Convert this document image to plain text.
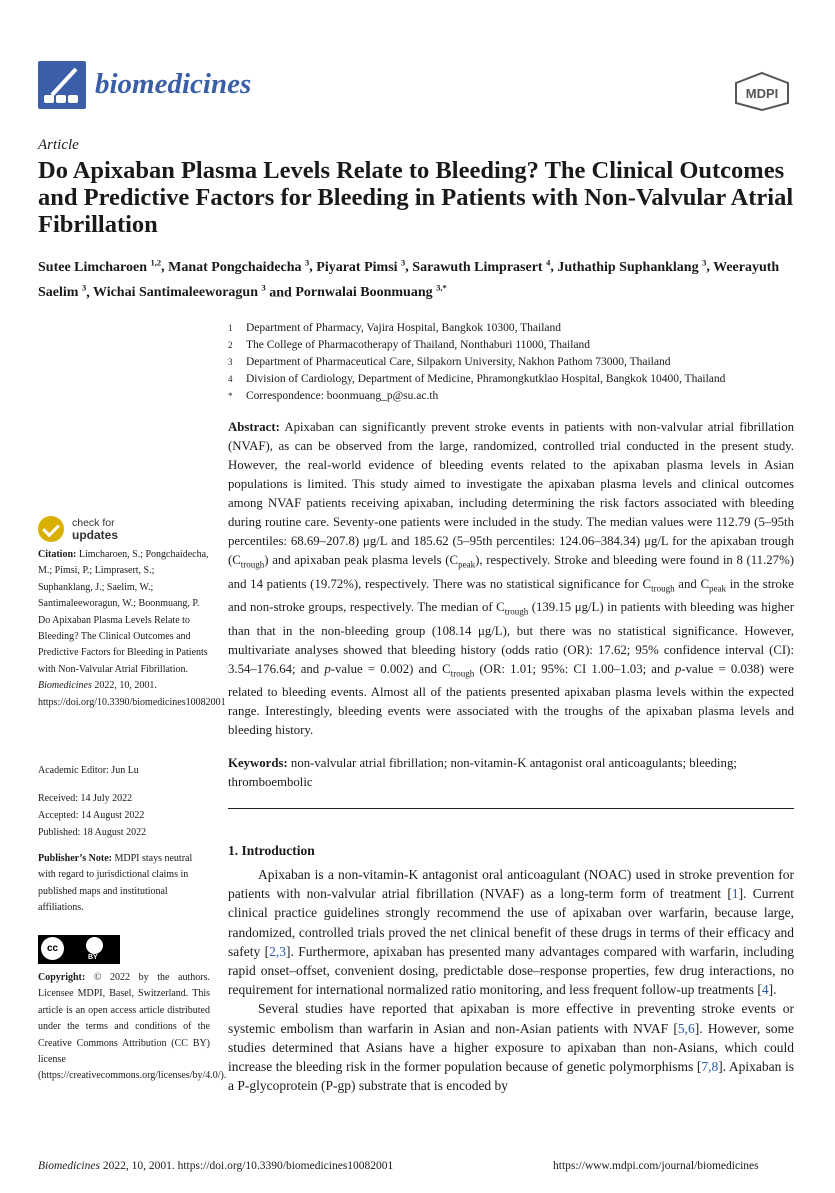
biomedicines	MDPI
Article
Do Apixaban Plasma Levels Relate to Bleeding? The Clinical Outcomes and Predictive Factors for Bleeding in Patients with Non-Valvular Atrial Fibrillation
Sutee Limcharoen $^{1,2}$, Manat Pongchaidecha $^3$, Piyarat Pimsi $^3$, Sarawuth Limprasert $^4$, Juthathip Suphanklang $^3$, Weerayuth Saelim $^3$, Wichai Santimaleeworagun $^3$ and Pornwalai Boonmuang $^{3,*}$
1	Department of Pharmacy, Vajira Hospital, Bangkok 10300, Thailand
2	The College of Pharmacotherapy of Thailand, Nonthaburi 11000, Thailand
3	Department of Pharmaceutical Care, Silpakorn University, Nakhon Pathom 73000, Thailand
4	Division of Cardiology, Department of Medicine, Phramongkutklao Hospital, Bangkok 10400, Thailand
*	Correspondence: boonmuang_p@su.ac.th
Abstract: Apixaban can significantly prevent stroke events in patients with non-valvular atrial fibrillation (NVAF), as can be observed from the large, randomized, controlled trial conducted in the present study. However, the real-world evidence of bleeding events related to the apixaban plasma levels in Asian populations is limited. This study aimed to investigate the apixaban plasma levels and clinical outcomes among NVAF patients receiving apixaban, including determining the risk factors associated with bleeding during routine care. Seventy-one patients were included in the study. The median values were 112.79 (5–95th percentiles: 68.69–207.8) μg/L and 185.62 (5–95th percentiles: 124.06–384.34) μg/L for the apixaban trough $(C_{trough})$ and apixaban peak plasma levels $(C_{peak})$, respectively. Stroke and bleeding were found in 8 (11.27%) and 14 patients (19.72%), respectively. There was no statistical significance for $C_{trough}$ and $C_{peak}$ in the stroke and non-stroke groups, respectively. The median of $C_{trough}$ (139.15 μg/L) in patients with bleeding was higher than that in the non-bleeding group (108.14 μg/L), but there was no statistical significance. However, multivariate analyses showed that bleeding history (odds ratio (OR): 17.62; 95% confidence interval (CI): 3.54–176.64; and p-value = 0.002) and $C_{trough}$ (OR: 1.01; 95%: CI 1.00–1.03; and p-value = 0.038) were related to bleeding events. Almost all of the patients presented apixaban plasma levels within the expected range. Interestingly, bleeding events were associated with the troughs of the apixaban plasma levels and bleeding history.
Keywords: non-valvular atrial fibrillation; non-vitamin-K antagonist oral anticoagulants; bleeding; thromboembolic
1. Introduction

Apixaban is a non-vitamin-K antagonist oral anticoagulant (NOAC) used in stroke prevention for patients with non-valvular atrial fibrillation (NVAF) as a long-term form of treatment [1]. Current clinical practice guidelines strongly recommend the use of apixaban over warfarin, because large, randomized, controlled trials proved the net clinical benefit of these drugs in terms of their efficacy and safety [2,3]. Furthermore, apixaban has presented many advantages compared with warfarin, including rapid onset–offset, convenient dosing, predictable dose–response properties, few drug interactions, no requirement for international normalized ratio monitoring, and less frequent follow-up treatments [4].

Several studies have reported that apixaban is more effective in preventing stroke events or systemic embolism than warfarin in Asian and non-Asian patients with NVAF [5,6]. However, some studies determined that Asians have a higher exposure to apixaban than non-Asians, which could increase the bleeding risk in the former population because of genetic polymorphisms [7,8]. Apixaban is a P-glycoprotein (P-gp) substrate that is encoded by

check for
updates
Citation: Limcharoen, S.; Pongchaidecha, M.; Pimsi, P.; Limprasert, S.; Suphanklang, J.; Saelim, W.; Santimaleeworagun, W.; Boonmuang, P. Do Apixaban Plasma Levels Relate to Bleeding? The Clinical Outcomes and Predictive Factors for Bleeding in Patients with Non-Valvular Atrial Fibrillation. Biomedicines 2022, 10, 2001. https://doi.org/10.3390/biomedicines10082001
Academic Editor: Jun Lu
Received: 14 July 2022
Accepted: 14 August 2022
Published: 18 August 2022
Publisher’s Note: MDPI stays neutral with regard to jurisdictional claims in published maps and institutional affiliations.
cc
BY
Copyright: © 2022 by the authors. Licensee MDPI, Basel, Switzerland. This article is an open access article distributed under the terms and conditions of the Creative Commons Attribution (CC BY) license (https://creativecommons.org/licenses/by/4.0/).
Biomedicines 2022, 10, 2001. https://doi.org/10.3390/biomedicines10082001	https://www.mdpi.com/journal/biomedicines
